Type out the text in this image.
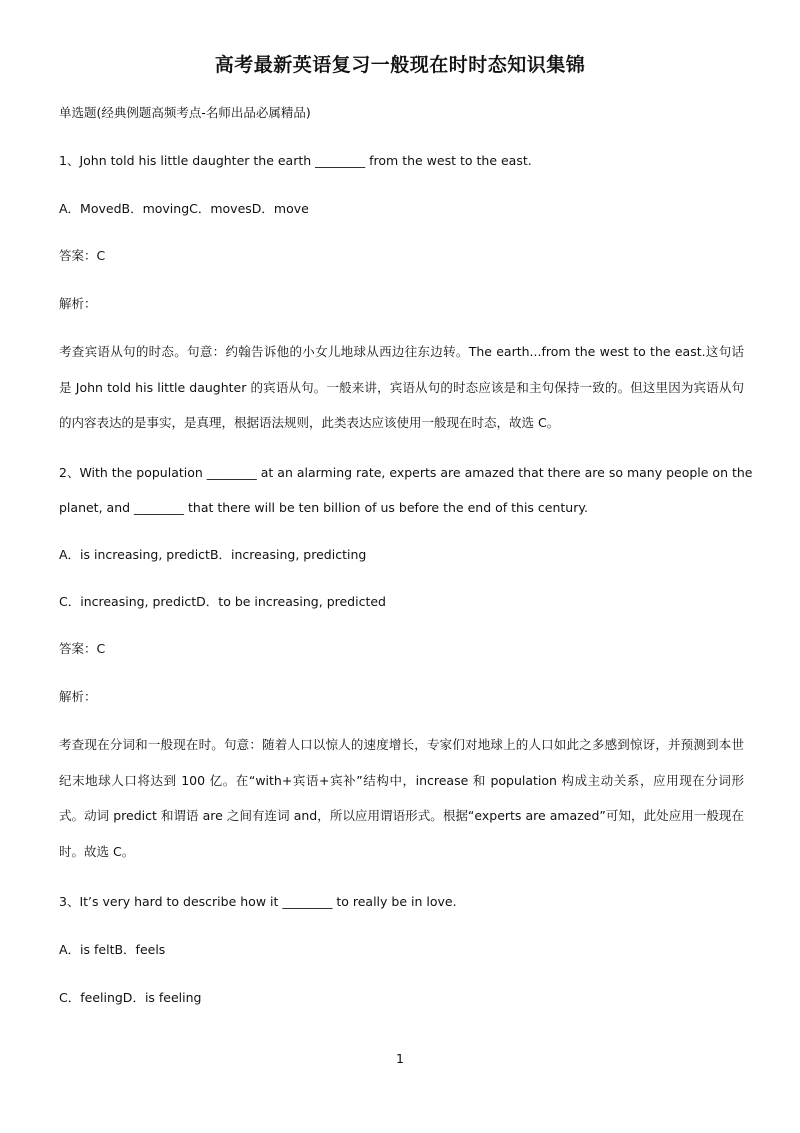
高考最新英语复习一般现在时时态知识集锦
单选题(经典例题高频考点-名师出品必属精品)
1、John told his little daughter the earth ________ from the west to the east.
A．MovedB．movingC．movesD．move
答案：C
解析：
考查宾语从句的时态。句意：约翰告诉他的小女儿地球从西边往东边转。The earth...from the west to the east.这句话是 John told his little daughter 的宾语从句。一般来讲，宾语从句的时态应该是和主句保持一致的。但这里因为宾语从句的内容表达的是事实，是真理，根据语法规则，此类表达应该使用一般现在时态，故选 C。
2、With the population ________ at an alarming rate, experts are amazed that there are so many people on the
planet, and ________ that there will be ten billion of us before the end of this century.
A．is increasing, predictB．increasing, predicting
C．increasing, predictD．to be increasing, predicted
答案：C
解析：
考查现在分词和一般现在时。句意：随着人口以惊人的速度增长，专家们对地球上的人口如此之多感到惊讶，并预测到本世纪末地球人口将达到 100 亿。在“with+宾语+宾补”结构中，increase 和 population 构成主动关系，应用现在分词形式。动词 predict 和谓语 are 之间有连词 and，所以应用谓语形式。根据“experts are amazed”可知，此处应用一般现在时。故选 C。
3、It’s very hard to describe how it ________ to really be in love.
A．is feltB．feels
C．feelingD．is feeling
1
